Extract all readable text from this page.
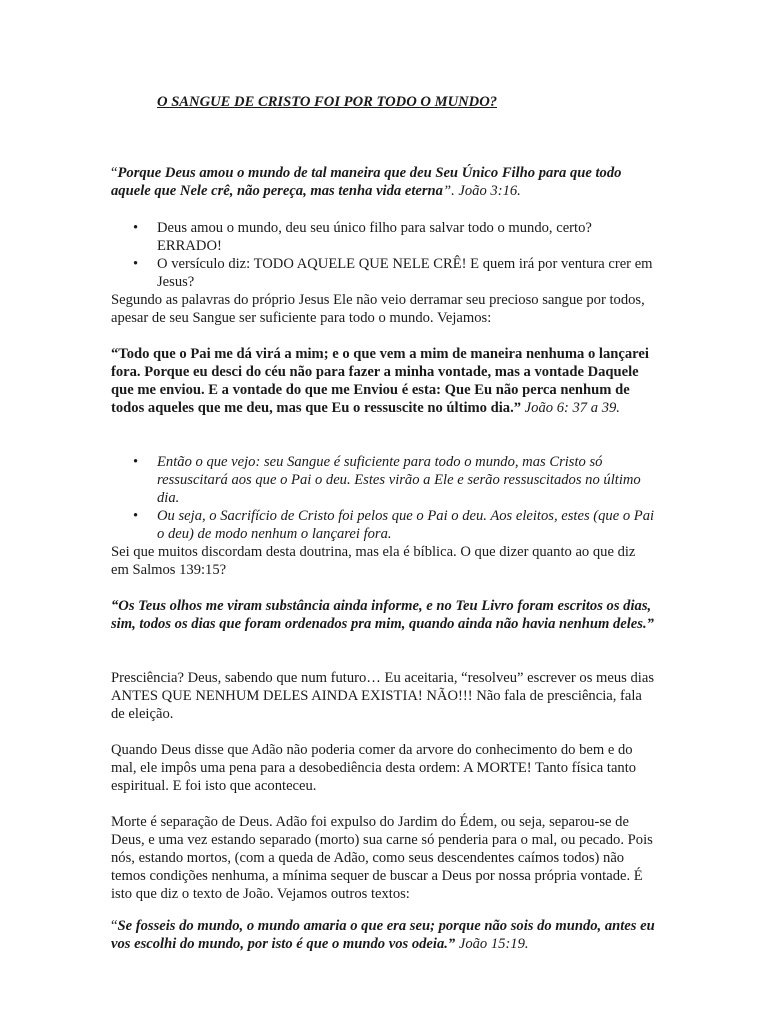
O SANGUE DE CRISTO FOI POR TODO O MUNDO?

“Porque Deus amou o mundo de tal maneira que deu Seu Único Filho para que todo aquele que Nele crê, não pereça, mas tenha vida eterna”. João 3:16.

• Deus amou o mundo, deu seu único filho para salvar todo o mundo, certo? ERRADO!
• O versículo diz: TODO AQUELE QUE NELE CRÊ! E quem irá por ventura crer em Jesus?

Segundo as palavras do próprio Jesus Ele não veio derramar seu precioso sangue por todos, apesar de seu Sangue ser suficiente para todo o mundo. Vejamos:

“Todo que o Pai me dá virá a mim; e o que vem a mim de maneira nenhuma o lançarei fora. Porque eu desci do céu não para fazer a minha vontade, mas a vontade Daquele que me enviou. E a vontade do que me Enviou é esta: Que Eu não perca nenhum de todos aqueles que me deu, mas que Eu o ressuscite no último dia.” João 6: 37 a 39.

• Então o que vejo: seu Sangue é suficiente para todo o mundo, mas Cristo só ressuscitará aos que o Pai o deu. Estes virão a Ele e serão ressuscitados no último dia.
• Ou seja, o Sacrifício de Cristo foi pelos que o Pai o deu. Aos eleitos, estes (que o Pai o deu) de modo nenhum o lançarei fora.

Sei que muitos discordam desta doutrina, mas ela é bíblica. O que dizer quanto ao que diz em Salmos 139:15?

“Os Teus olhos me viram substância ainda informe, e no Teu Livro foram escritos os dias, sim, todos os dias que foram ordenados pra mim, quando ainda não havia nenhum deles.”

Presciência? Deus, sabendo que num futuro… Eu aceitaria, “resolveu” escrever os meus dias ANTES QUE NENHUM DELES AINDA EXISTIA! NÃO!!! Não fala de presciência, fala de eleição.

Quando Deus disse que Adão não poderia comer da arvore do conhecimento do bem e do mal, ele impôs uma pena para a desobediência desta ordem: A MORTE! Tanto física tanto espiritual. E foi isto que aconteceu.

Morte é separação de Deus. Adão foi expulso do Jardim do Édem, ou seja, separou-se de Deus, e uma vez estando separado (morto) sua carne só penderia para o mal, ou pecado. Pois nós, estando mortos, (com a queda de Adão, como seus descendentes caímos todos) não temos condições nenhuma, a mínima sequer de buscar a Deus por nossa própria vontade. É isto que diz o texto de João. Vejamos outros textos:

“Se fosseis do mundo, o mundo amaria o que era seu; porque não sois do mundo, antes eu vos escolhi do mundo, por isto é que o mundo vos odeia.” João 15:19.
